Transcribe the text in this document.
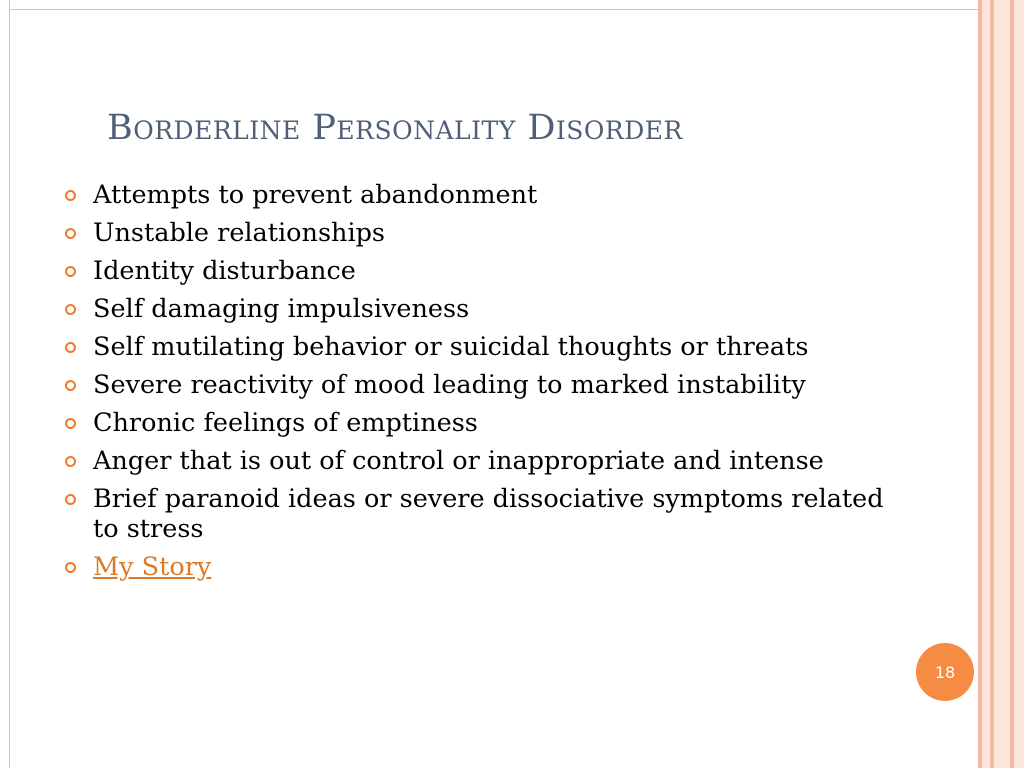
Borderline Personality Disorder
Attempts to prevent abandonment
Unstable relationships
Identity disturbance
Self damaging impulsiveness
Self mutilating behavior or suicidal thoughts or threats
Severe reactivity of mood leading to marked instability
Chronic feelings of emptiness
Anger that is out of control or inappropriate and intense
Brief paranoid ideas or severe dissociative symptoms related to stress
My Story
18
